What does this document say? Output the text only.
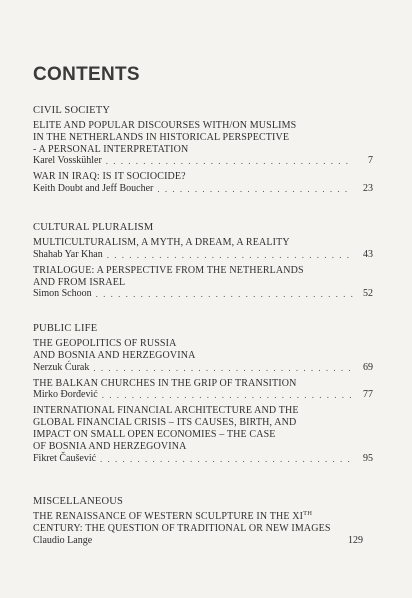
CONTENTS
CIVIL SOCIETY
ELITE AND POPULAR DISCOURSES WITH/ON MUSLIMS
IN THE NETHERLANDS IN HISTORICAL PERSPECTIVE
- A PERSONAL INTERPRETATION
Karel Vosskühler . . .	7
WAR IN IRAQ: IS IT SOCIOCIDE?
Keith Doubt and Jeff Boucher . . .	23
CULTURAL PLURALISM
MULTICULTURALISM, A MYTH, A DREAM, A REALITY
Shahab Yar Khan . . .	43
TRIALOGUE: A PERSPECTIVE FROM THE NETHERLANDS
AND FROM ISRAEL
Simon Schoon . . .	52
PUBLIC LIFE
THE GEOPOLITICS OF RUSSIA
AND BOSNIA AND HERZEGOVINA
Nerzuk Ćurak . . .	69
THE BALKAN CHURCHES IN THE GRIP OF TRANSITION
Mirko Đorđević . . .	77
INTERNATIONAL FINANCIAL ARCHITECTURE AND THE
GLOBAL FINANCIAL CRISIS – ITS CAUSES, BIRTH, AND
IMPACT ON SMALL OPEN ECONOMIES – THE CASE
OF BOSNIA AND HERZEGOVINA
Fikret Čaušević . . .	95
MISCELLANEOUS
THE RENAISSANCE OF WESTERN SCULPTURE IN THE XITH
CENTURY: THE QUESTION OF TRADITIONAL OR NEW IMAGES
Claudio Lange	129
